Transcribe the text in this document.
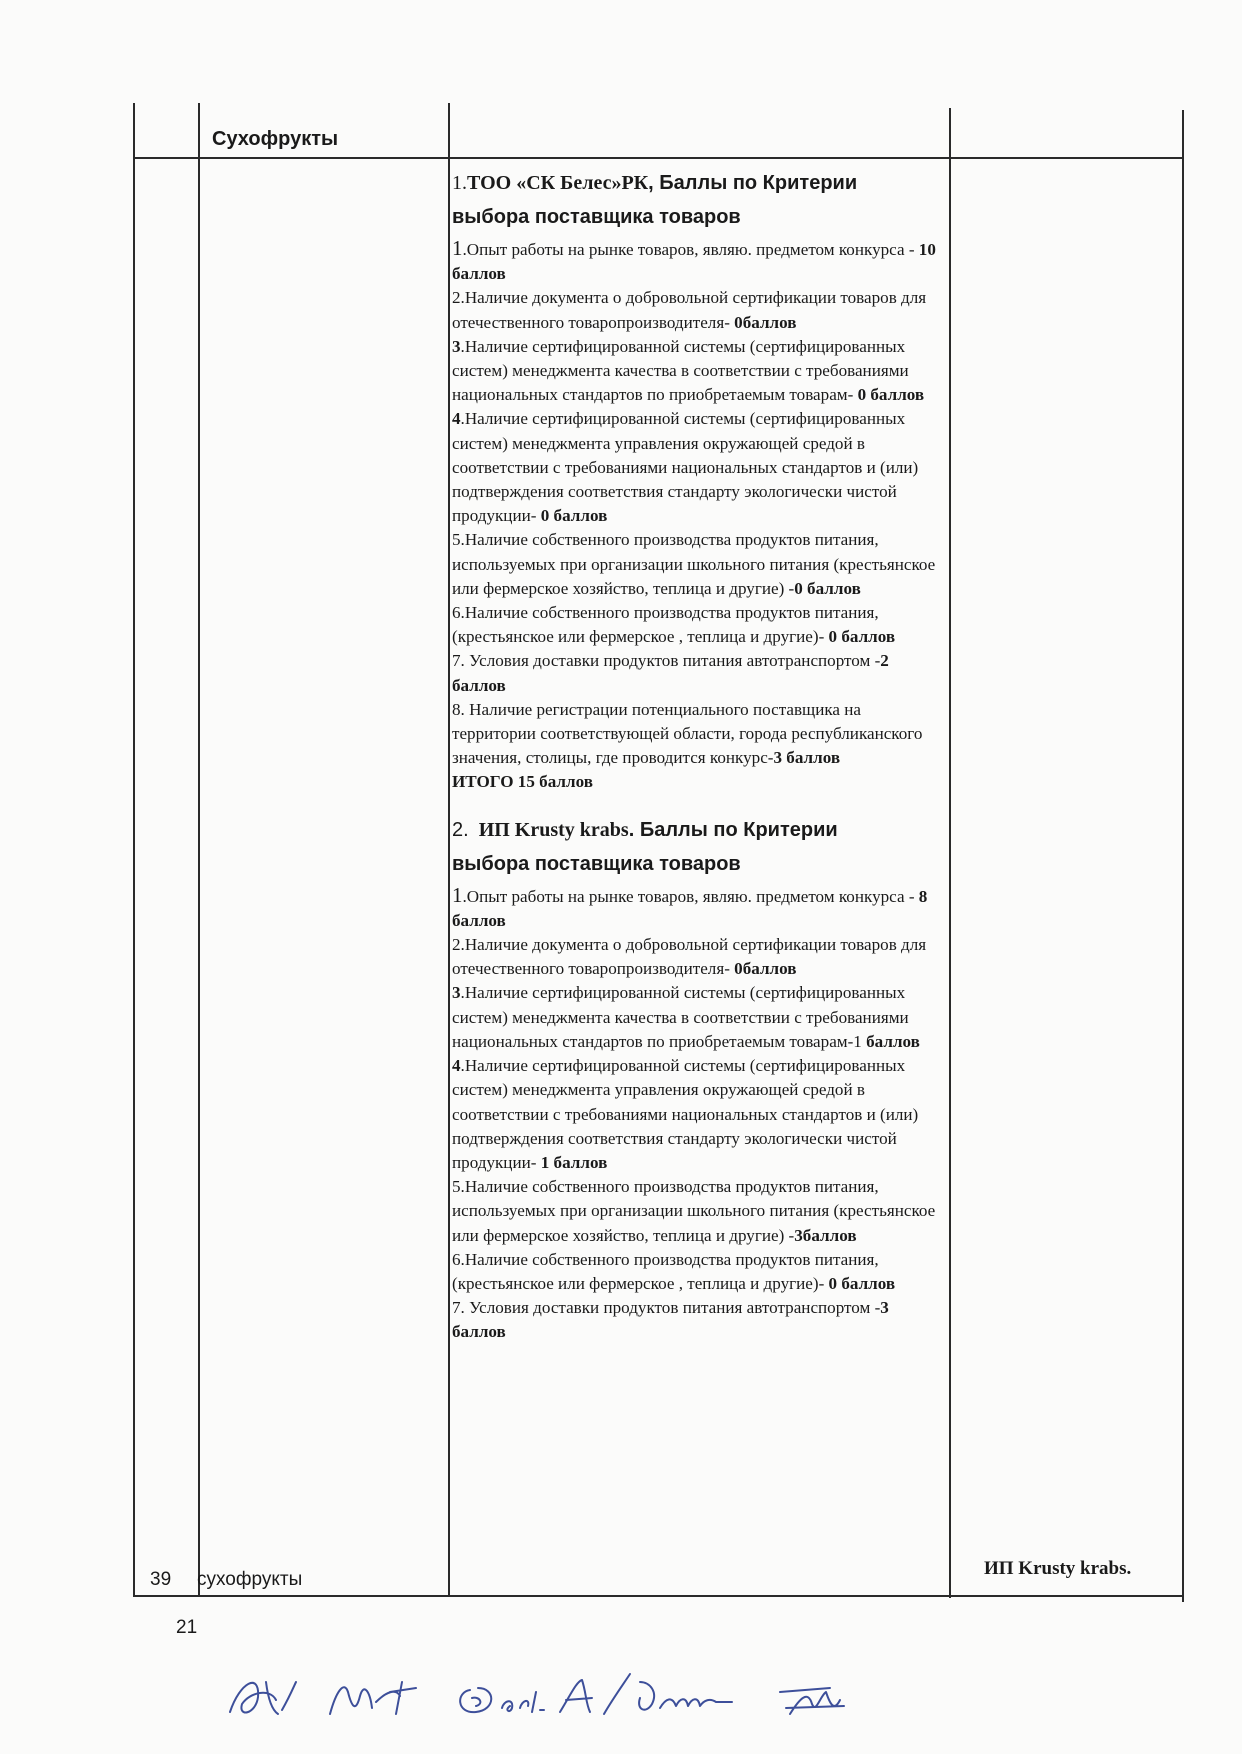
Сухофрукты

1.ТОО «СК Белес»РК, Баллы по Критерии
выбора поставщика товаров

1.Опыт работы на рынке товаров, являю. предметом конкурса - 10 баллов
2.Наличие документа о добровольной сертификации товаров для отечественного товаропроизводителя- 0баллов
3.Наличие сертифицированной системы (сертифицированных систем) менеджмента качества в соответствии с требованиями национальных стандартов по приобретаемым товарам- 0 баллов
4.Наличие сертифицированной системы (сертифицированных систем) менеджмента управления окружающей средой в соответствии с требованиями национальных стандартов и (или) подтверждения соответствия стандарту экологически чистой продукции- 0 баллов
5.Наличие собственного производства продуктов питания, используемых при организации школьного питания (крестьянское или фермерское хозяйство, теплица и другие) -0 баллов
6.Наличие собственного производства продуктов питания, (крестьянское или фермерское , теплица и другие)- 0 баллов
7. Условия доставки продуктов питания автотранспортом -2 баллов
8. Наличие регистрации потенциального поставщика на территории соответствующей области, города республиканского значения, столицы, где проводится конкурс-3 баллов

ИТОГО 15 баллов

2. ИП Krusty krabs. Баллы по Критерии
выбора поставщика товаров

1.Опыт работы на рынке товаров, являю. предметом конкурса - 8 баллов
2.Наличие документа о добровольной сертификации товаров для отечественного товаропроизводителя- 0баллов
3.Наличие сертифицированной системы (сертифицированных систем) менеджмента качества в соответствии с требованиями национальных стандартов по приобретаемым товарам-1 баллов
4.Наличие сертифицированной системы (сертифицированных систем) менеджмента управления окружающей средой в соответствии с требованиями национальных стандартов и (или) подтверждения соответствия стандарту экологически чистой продукции- 1 баллов
5.Наличие собственного производства продуктов питания, используемых при организации школьного питания (крестьянское или фермерское хозяйство, теплица и другие) -3баллов
6.Наличие собственного производства продуктов питания, (крестьянское или фермерское , теплица и другие)- 0 баллов
7. Условия доставки продуктов питания автотранспортом -3 баллов
39 сухофрукты
ИП Krusty krabs.
21
